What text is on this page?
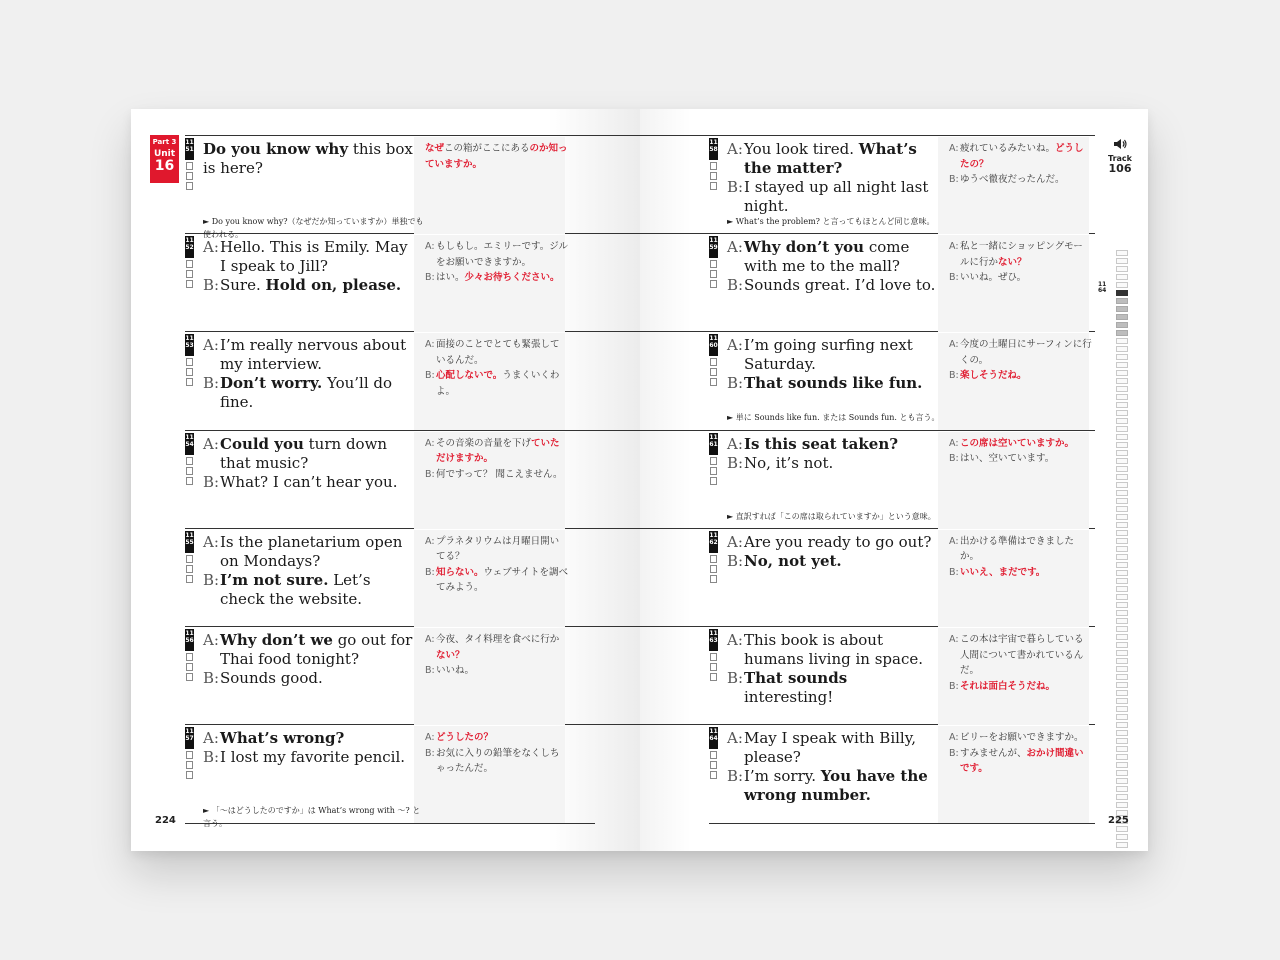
Part 3
Unit
16
11
51 Do you know why this box is here?
なぜこの箱がここにあるのか知っていますか。
► Do you know why?（なぜだか知っていますか）単独でも使われる。
11
52 A: Hello. This is Emily. May I speak to Jill?
B: Sure. Hold on, please.
A: もしもし。エミリーです。ジルをお願いできますか。
B: はい。少々お待ちください。
11
53 A: I’m really nervous about my interview.
B: Don’t worry. You’ll do fine.
A: 面接のことでとても緊張しているんだ。
B: 心配しないで。うまくいくわよ。
11
54 A: Could you turn down that music?
B: What? I can’t hear you.
A: その音楽の音量を下げていただけますか。
B: 何ですって？ 聞こえません。
11
55 A: Is the planetarium open on Mondays?
B: I’m not sure. Let’s check the website.
A: プラネタリウムは月曜日開いてる？
B: 知らない。ウェブサイトを調べてみよう。
11
56 A: Why don’t we go out for Thai food tonight?
B: Sounds good.
A: 今夜、タイ料理を食べに行かない？
B: いいね。
11
57 A: What’s wrong?
B: I lost my favorite pencil.
A: どうしたの？
B: お気に入りの鉛筆をなくしちゃったんだ。
► 「～はどうしたのですか」は What’s wrong with ～? と
11
58 A: You look tired. What’s the matter?
B: I stayed up all night last night.
A: 疲れているみたいね。どうしたの？
B: ゆうべ徹夜だったんだ。
► What’s the problem? と言ってもほとんど同じ意味。
11
59 A: Why don’t you come with me to the mall?
B: Sounds great. I’d love to.
A: 私と一緒にショッピングモールに行かない？
B: いいね。ぜひ。
11
60 A: I’m going surfing next Saturday.
B: That sounds like fun.
A: 今度の土曜日にサーフィンに行くの。
B: 楽しそうだね。
► 単に Sounds like fun. または Sounds fun. とも言う。
11
61 A: Is this seat taken?
B: No, it’s not.
A: この席は空いていますか。
B: はい、空いています。
► 直訳すれば「この席は取られていますか」という意味。
11
62 A: Are you ready to go out?
B: No, not yet.
A: 出かける準備はできましたか。
B: いいえ、まだです。
11
63 A: This book is about humans living in space.
B: That sounds interesting!
A: この本は宇宙で暮らしている人間について書かれているんだ。
B: それは面白そうだね。
11
64 A: May I speak with Billy, please?
B: I’m sorry. You have the wrong number.
A: ビリーをお願いできますか。
B: すみませんが、おかけ間違いです。
Track
106
11
64
224	225
